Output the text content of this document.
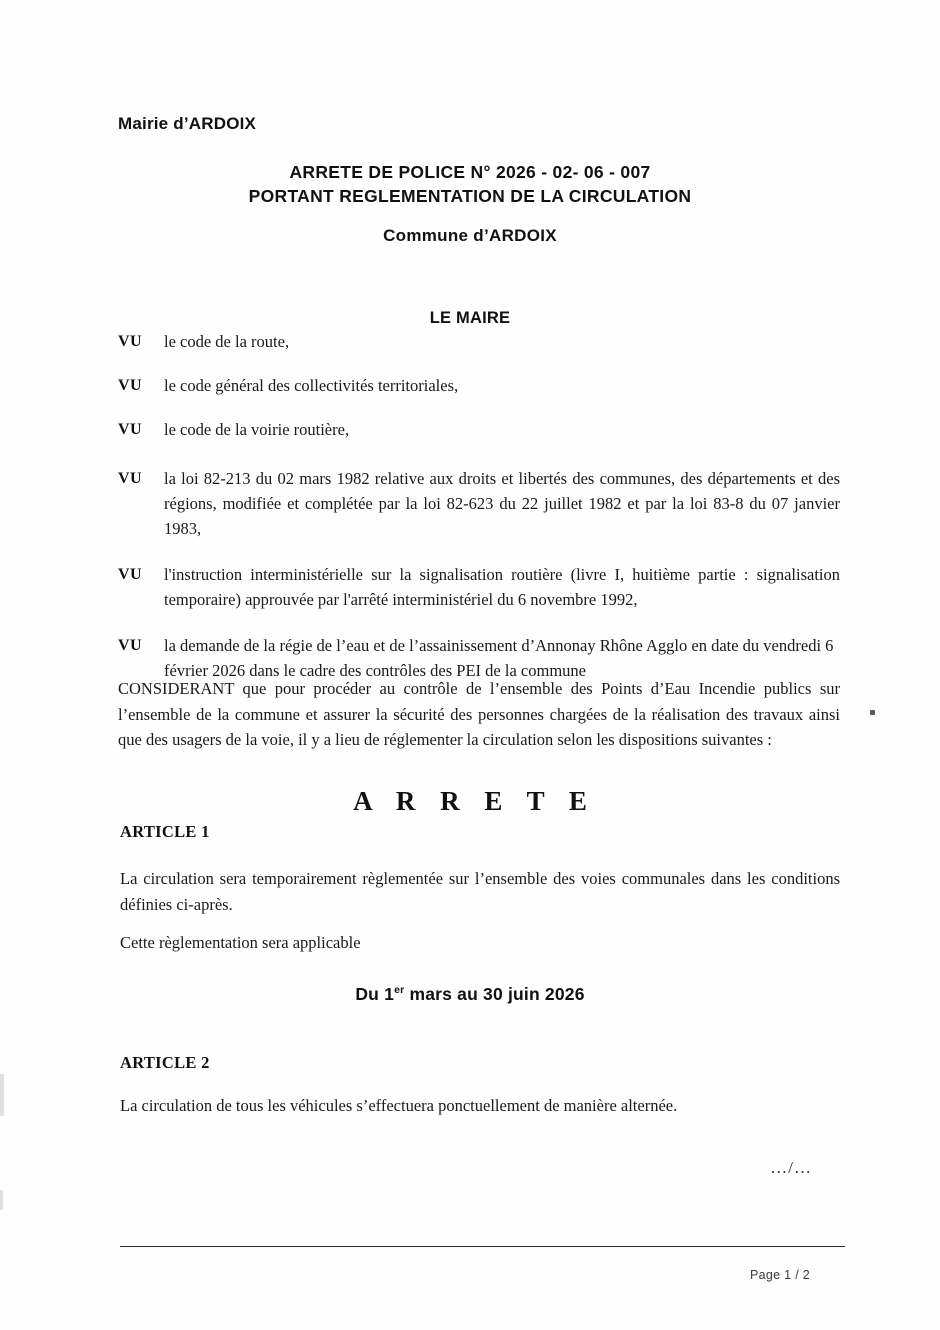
Mairie d’ARDOIX
ARRETE DE POLICE N° 2026 - 02- 06 - 007
PORTANT REGLEMENTATION DE LA CIRCULATION
Commune d’ARDOIX
LE MAIRE
VU	le code de la route,
VU	le code général des collectivités territoriales,
VU	le code de la voirie routière,
VU	la loi 82-213 du 02 mars 1982 relative aux droits et libertés des communes, des départements et des régions, modifiée et complétée par la loi 82-623 du 22 juillet 1982 et par la loi 83-8 du 07 janvier 1983,
VU	l'instruction interministérielle sur la signalisation routière (livre I, huitième partie : signalisation temporaire) approuvée par l'arrêté interministériel du 6 novembre 1992,
VU	la demande de la régie de l’eau et de l’assainissement d’Annonay Rhône Agglo en date du vendredi 6 février 2026 dans le cadre des contrôles des PEI de la commune
CONSIDERANT que pour procéder au contrôle de l’ensemble des Points d’Eau Incendie publics sur l’ensemble de la commune et assurer la sécurité des personnes chargées de la réalisation des travaux ainsi que des usagers de la voie, il y a lieu de réglementer la circulation selon les dispositions suivantes :
A R R E T E
ARTICLE 1
La circulation sera temporairement règlementée sur l’ensemble des voies communales dans les conditions définies ci-après.
Cette règlementation sera applicable
Du 1er mars au 30 juin 2026
ARTICLE 2
La circulation de tous les véhicules s’effectuera ponctuellement de manière alternée.
…/…
Page 1 / 2
